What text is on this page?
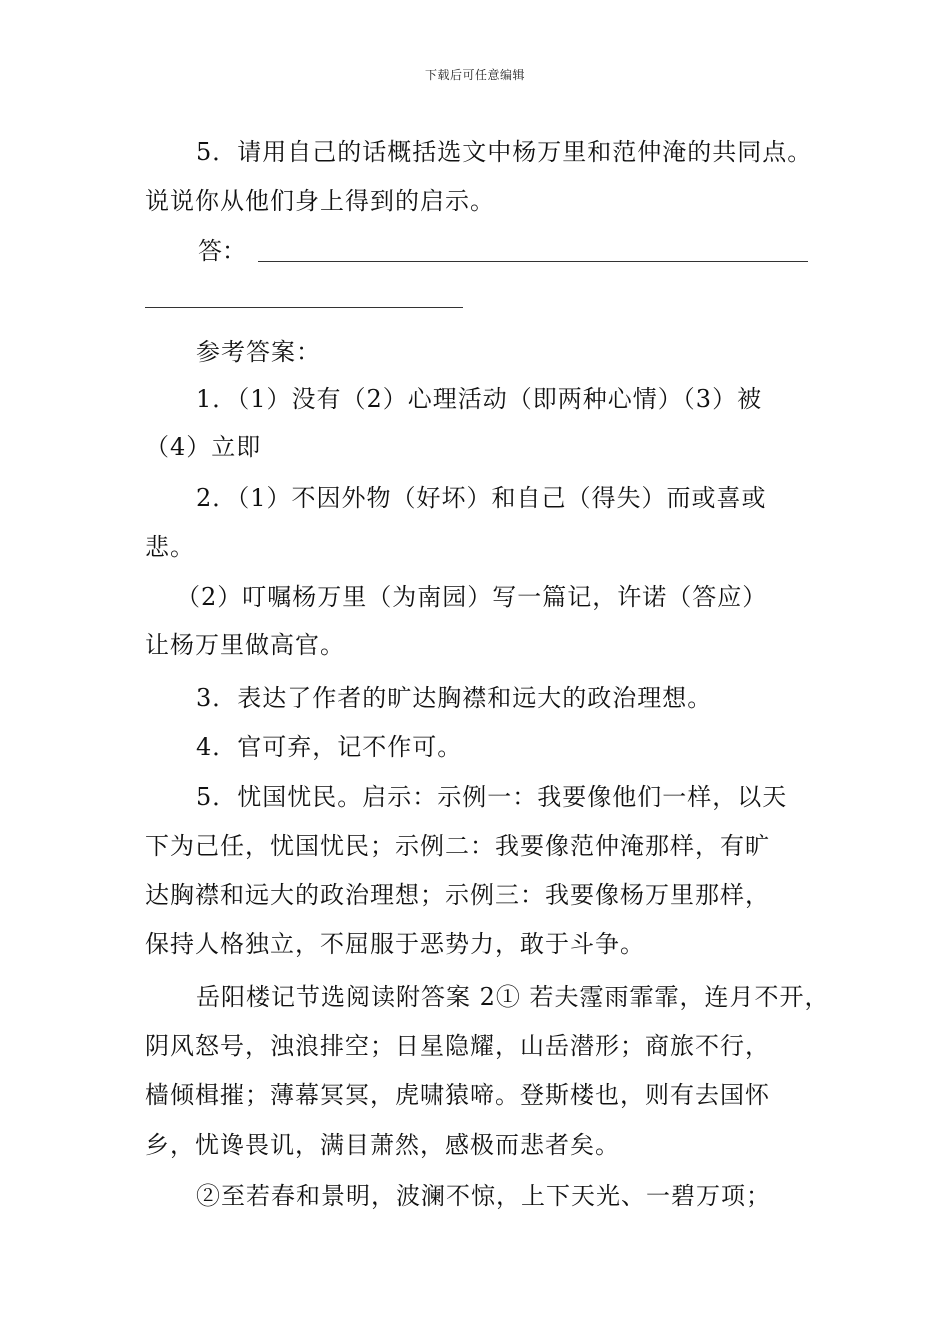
下载后可任意编辑
5．请用自己的话概括选文中杨万里和范仲淹的共同点。
说说你从他们身上得到的启示。
答：
参考答案：
1．（1）没有（2）心理活动（即两种心情）（3）被
（4）立即
2．（1）不因外物（好坏）和自己（得失）而或喜或
悲。
（2）叮嘱杨万里（为南园）写一篇记，许诺（答应）
让杨万里做高官。
3．表达了作者的旷达胸襟和远大的政治理想。
4．官可弃，记不作可。
5．忧国忧民。启示：示例一：我要像他们一样，以天
下为己任，忧国忧民；示例二：我要像范仲淹那样，有旷
达胸襟和远大的政治理想；示例三：我要像杨万里那样，
保持人格独立，不屈服于恶势力，敢于斗争。
岳阳楼记节选阅读附答案 2① 若夫霪雨霏霏，连月不开，
阴风怒号，浊浪排空；日星隐耀，山岳潜形；商旅不行，
樯倾楫摧；薄幕冥冥，虎啸猿啼。登斯楼也，则有去国怀
乡，忧谗畏讥，满目萧然，感极而悲者矣。
②至若春和景明，波澜不惊，上下天光、一碧万项；
